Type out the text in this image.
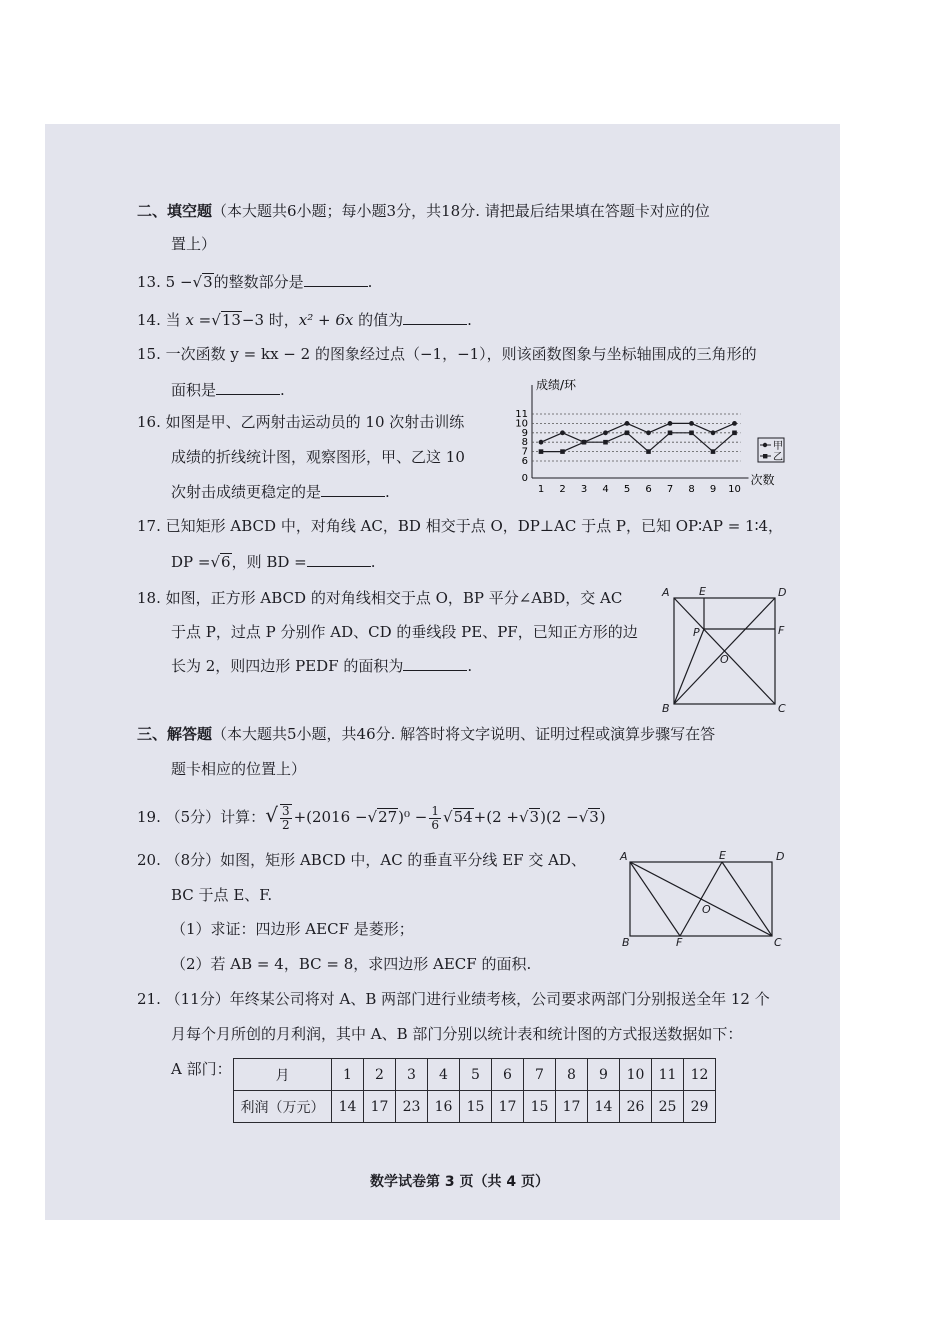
二、填空题（本大题共6小题；每小题3分，共18分. 请把最后结果填在答题卡对应的位
置上）
13. 5 −√3的整数部分是	.
14. 当 x =√13−3 时，x² + 6x 的值为	.
15. 一次函数 y = kx − 2 的图象经过点（−1，−1），则该函数图象与坐标轴围成的三角形的
面积是	.
16. 如图是甲、乙两射击运动员的 10 次射击训练
成绩的折线统计图，观察图形，甲、乙这 10
次射击成绩更稳定的是	.
成绩/环
次数
0
6
7
8
9
10
11
1 2 3 4 5 6 7 8 9 10
甲
乙
17. 已知矩形 ABCD 中，对角线 AC，BD 相交于点 O，DP⊥AC 于点 P，已知 OP∶AP = 1∶4，
DP =√6，则 BD =	.
18. 如图，正方形 ABCD 的对角线相交于点 O，BP 平分∠ABD，交 AC
于点 P，过点 P 分别作 AD、CD 的垂线段 PE、PF，已知正方形的边
长为 2，则四边形 PEDF 的面积为	.
A	E	D
P	F
O
B	C
三、解答题（本大题共5小题，共46分. 解答时将文字说明、证明过程或演算步骤写在答
题卡相应的位置上）
19. （5分）计算：√ $\frac{3}{2} +(2016 -√27)^0 - \frac{1}{6} √54+(2 +√3)(2 -√3)$
20. （8分）如图，矩形 ABCD 中，AC 的垂直平分线 EF 交 AD、
BC 于点 E、F.
（1）求证：四边形 AECF 是菱形；
（2）若 AB = 4，BC = 8，求四边形 AECF 的面积.
A	E	D
O
B	F	C
21. （11分）年终某公司将对 A、B 两部门进行业绩考核，公司要求两部门分别报送全年 12 个
月每个月所创的月利润，其中 A、B 部门分别以统计表和统计图的方式报送数据如下：
A 部门：	月	1	2	3	4	5	6	7	8	9	10	11	12
利润（万元）	14	17	23	16	15	17	15	17	14	26	25	29
数学试卷第 3 页（共 4 页）
